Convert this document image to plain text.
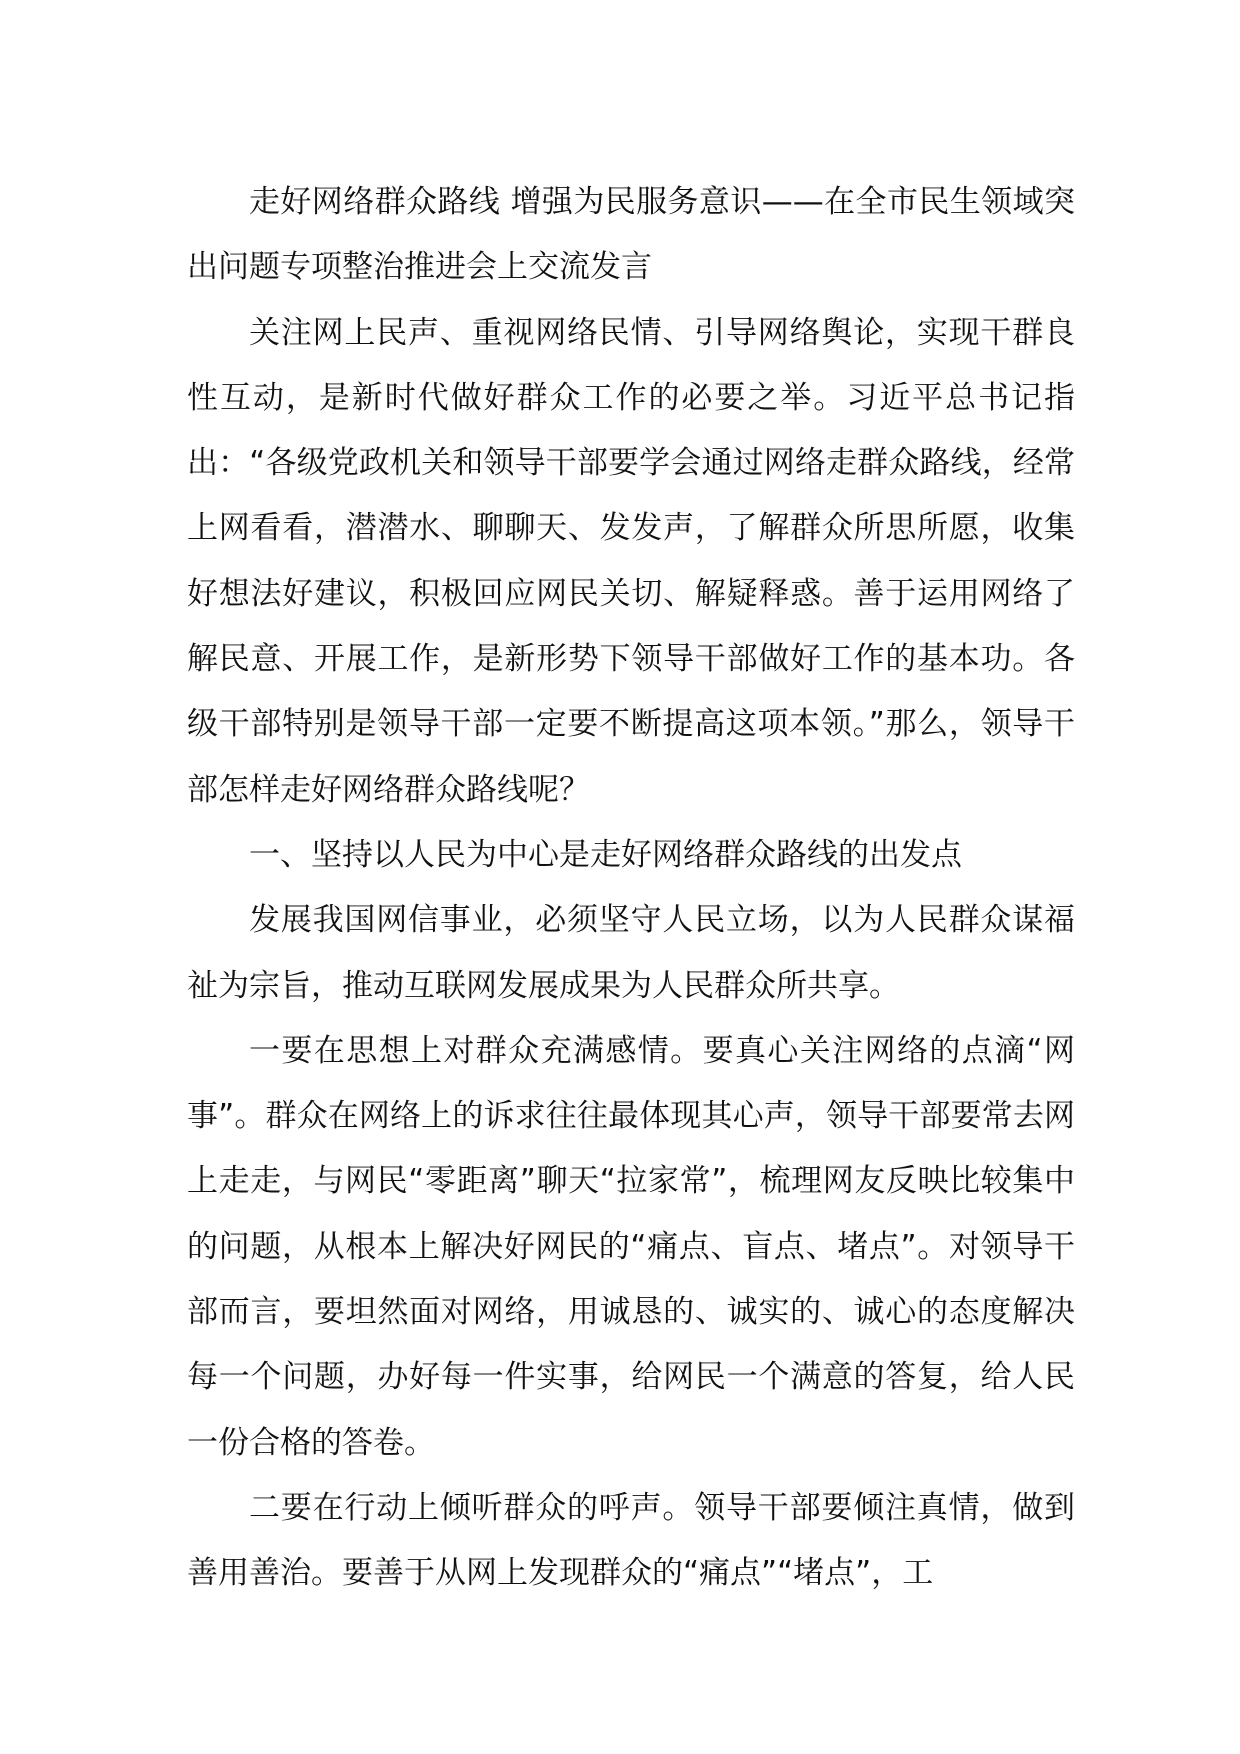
走好网络群众路线 增强为民服务意识——在全市民生领域突出问题专项整治推进会上交流发言

关注网上民声、重视网络民情、引导网络舆论，实现干群良性互动，是新时代做好群众工作的必要之举。习近平总书记指出：“各级党政机关和领导干部要学会通过网络走群众路线，经常上网看看，潜潜水、聊聊天、发发声，了解群众所思所愿，收集好想法好建议，积极回应网民关切、解疑释惑。善于运用网络了解民意、开展工作，是新形势下领导干部做好工作的基本功。各级干部特别是领导干部一定要不断提高这项本领。”那么，领导干部怎样走好网络群众路线呢？

一、坚持以人民为中心是走好网络群众路线的出发点

发展我国网信事业，必须坚守人民立场，以为人民群众谋福祉为宗旨，推动互联网发展成果为人民群众所共享。

一要在思想上对群众充满感情。要真心关注网络的点滴“网事”。群众在网络上的诉求往往最体现其心声，领导干部要常去网上走走，与网民“零距离”聊天“拉家常”，梳理网友反映比较集中的问题，从根本上解决好网民的“痛点、盲点、堵点”。对领导干部而言，要坦然面对网络，用诚恳的、诚实的、诚心的态度解决每一个问题，办好每一件实事，给网民一个满意的答复，给人民一份合格的答卷。

二要在行动上倾听群众的呼声。领导干部要倾注真情，做到善用善治。要善于从网上发现群众的“痛点”“堵点”，工
